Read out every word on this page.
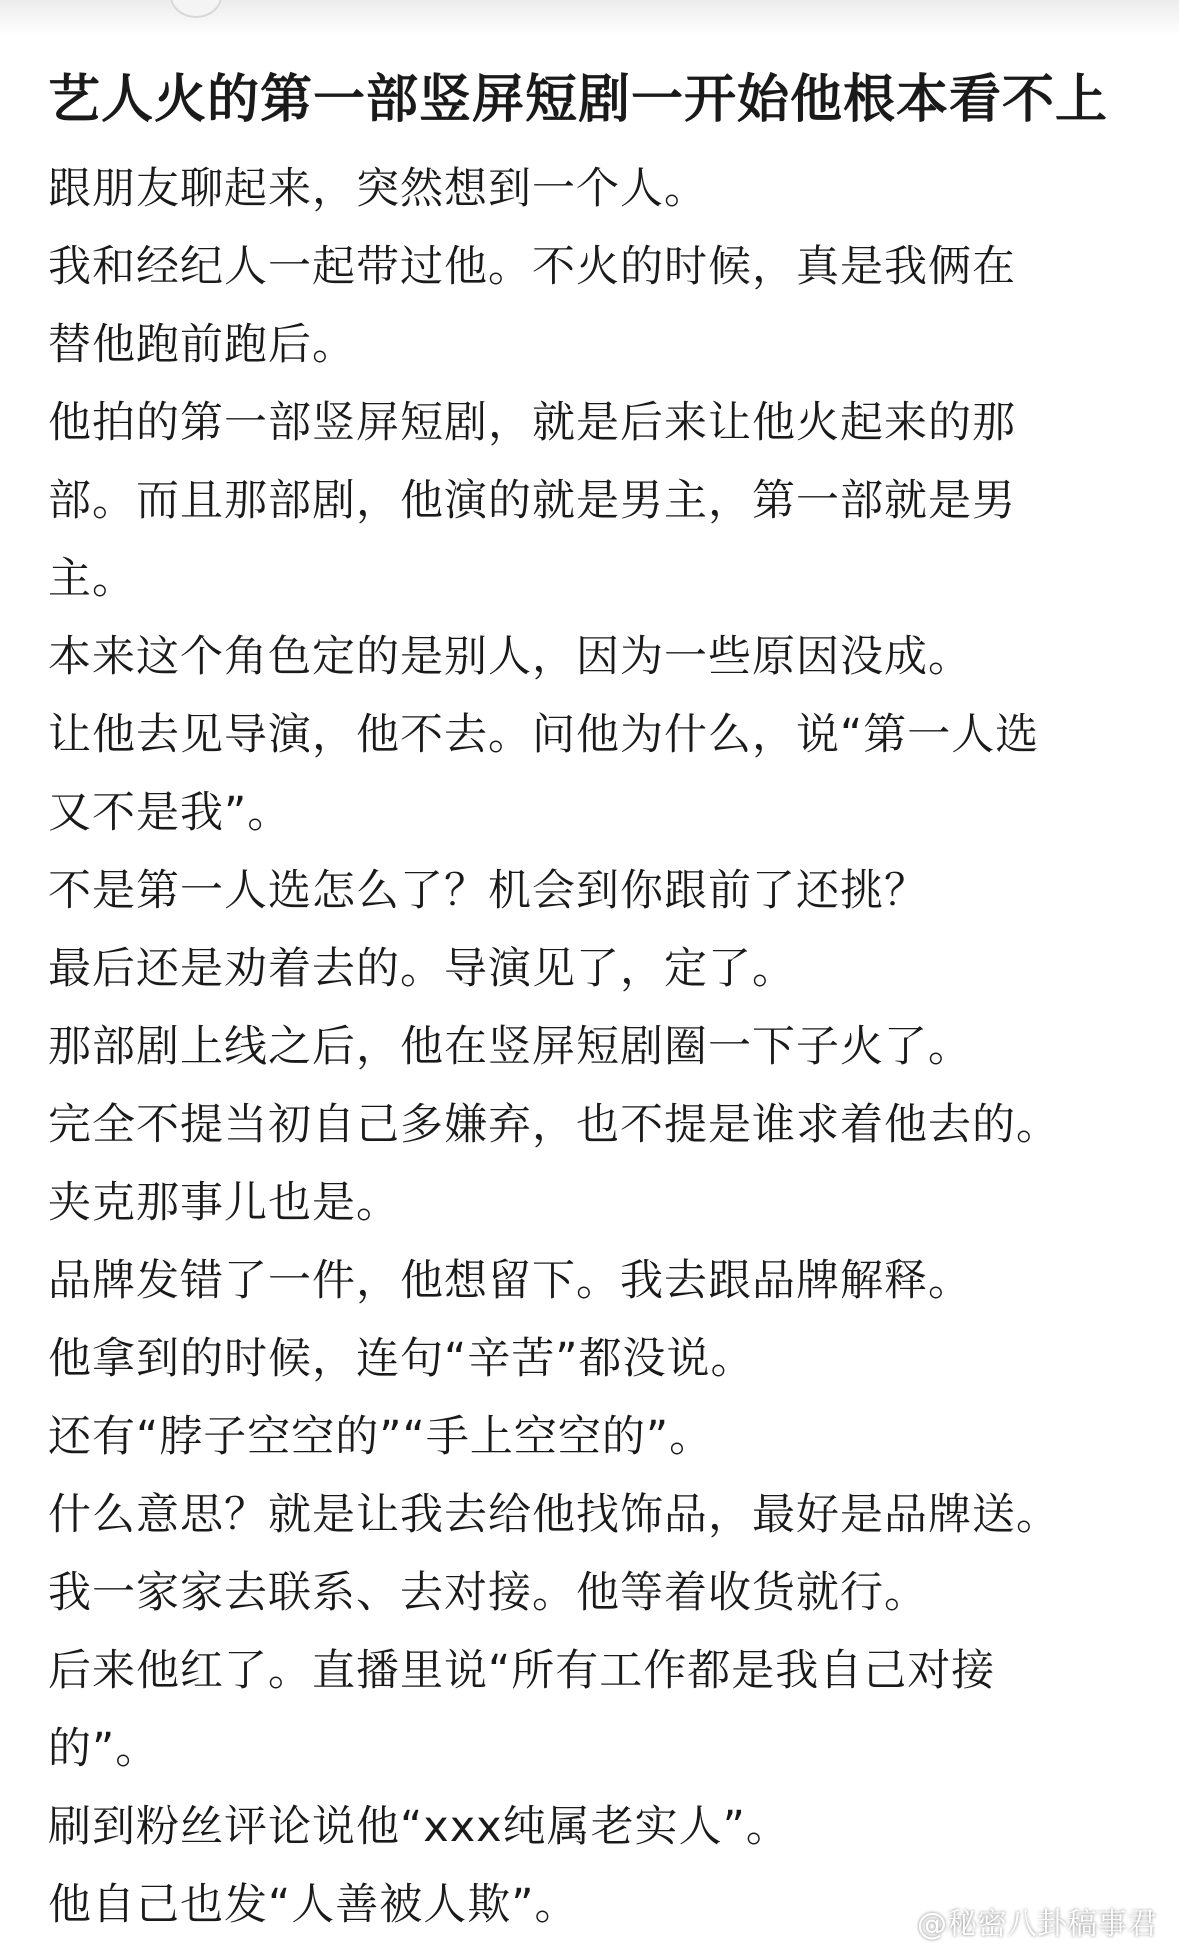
艺人火的第一部竖屏短剧一开始他根本看不上

跟朋友聊起来，突然想到一个人。

我和经纪人一起带过他。不火的时候，真是我俩在
替他跑前跑后。

他拍的第一部竖屏短剧，就是后来让他火起来的那
部。而且那部剧，他演的就是男主，第一部就是男
主。

本来这个角色定的是别人，因为一些原因没成。

让他去见导演，他不去。问他为什么，说“第一人选
又不是我”。

不是第一人选怎么了？机会到你跟前了还挑？

最后还是劝着去的。导演见了，定了。

那部剧上线之后，他在竖屏短剧圈一下子火了。

完全不提当初自己多嫌弃，也不提是谁求着他去的。

夹克那事儿也是。

品牌发错了一件，他想留下。我去跟品牌解释。

他拿到的时候，连句“辛苦”都没说。

还有“脖子空空的”“手上空空的”。

什么意思？就是让我去给他找饰品，最好是品牌送。

我一家家去联系、去对接。他等着收货就行。

后来他红了。直播里说“所有工作都是我自己对接
的”。

刷到粉丝评论说他“xxx纯属老实人”。

他自己也发“人善被人欺”。	@秘密八卦稿事君
